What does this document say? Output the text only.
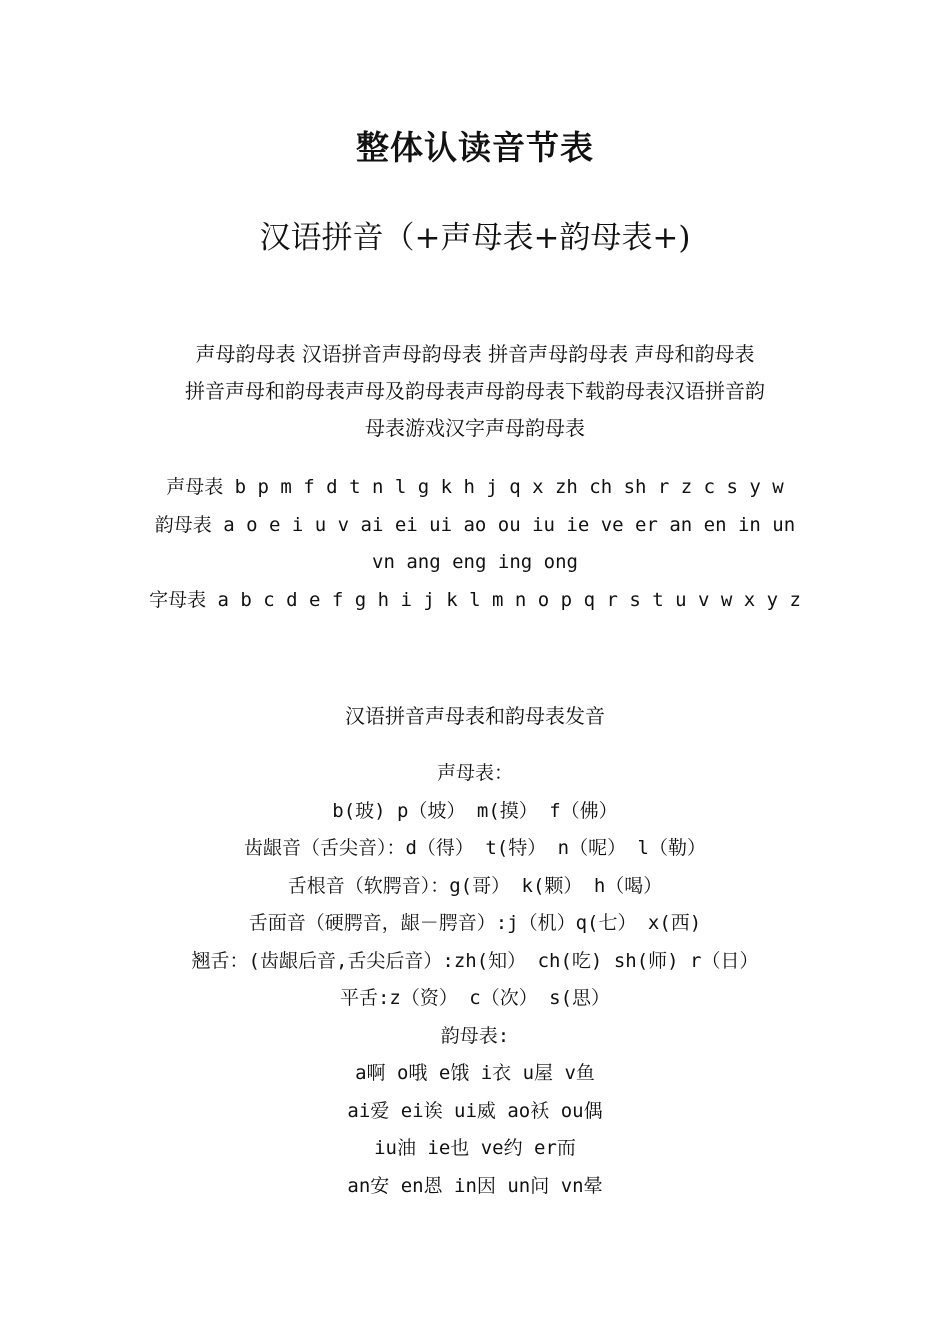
整体认读音节表
汉语拼音（+声母表+韵母表+)
声母韵母表 汉语拼音声母韵母表 拼音声母韵母表 声母和韵母表
拼音声母和韵母表声母及韵母表声母韵母表下载韵母表汉语拼音韵
母表游戏汉字声母韵母表
声母表 b p m f d t n l g k h j q x zh ch sh r z c s y w
韵母表 a o e i u v ai ei ui ao ou iu ie ve er an en in un
vn ang eng ing ong
字母表 a b c d e f g h i j k l m n o p q r s t u v w x y z
汉语拼音声母表和韵母表发音
声母表：
b(玻) p（坡） m(摸） f（佛）
齿龈音（舌尖音）：d（得） t(特） n（呢） l（勒）
舌根音（软腭音）：g(哥） k(颗） h（喝）
舌面音（硬腭音，龈－腭音）:j（机）q(七） x(西)
翘舌：(齿龈后音,舌尖后音）:zh(知） ch(吃) sh(师) r（日）
平舌:z（资） c（次） s(思）
韵母表:
a啊 o哦 e饿 i衣 u屋 v鱼
ai爱 ei诶 ui威 ao袄 ou偶
iu油 ie也 ve约 er而
an安 en恩 in因 un问 vn晕
